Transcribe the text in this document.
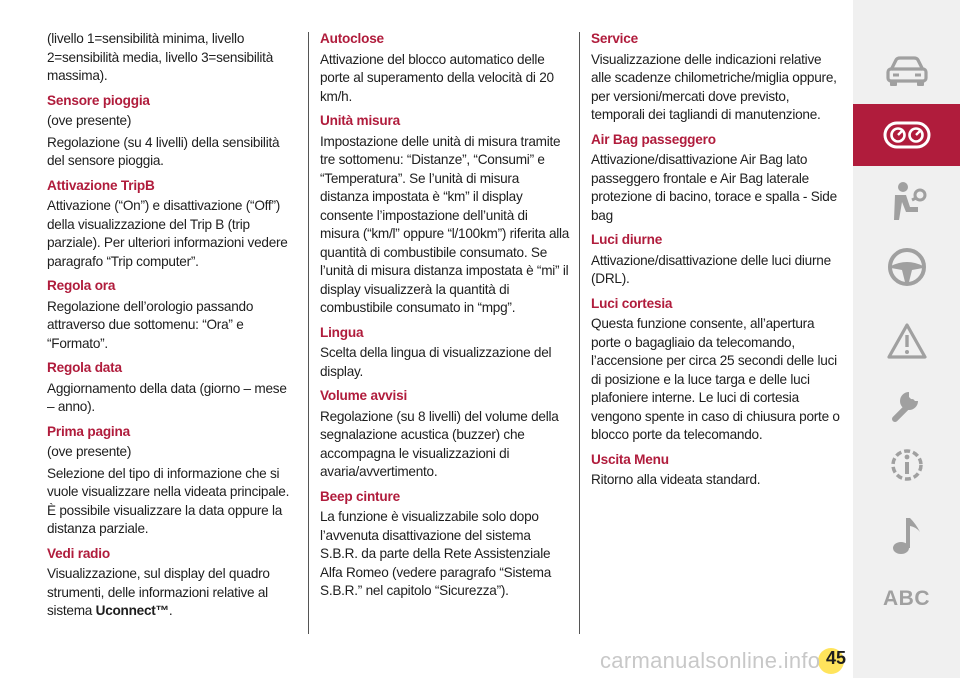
(livello 1=sensibilità minima, livello 2=sensibilità media, livello 3=sensibilità massima).
Sensore pioggia
(ove presente)
Regolazione (su 4 livelli) della sensibilità del sensore pioggia.
Attivazione TripB
Attivazione (“On”) e disattivazione (“Off”) della visualizzazione del Trip B (trip parziale). Per ulteriori informazioni vedere paragrafo “Trip computer”.
Regola ora
Regolazione dell’orologio passando attraverso due sottomenu: “Ora” e “Formato”.
Regola data
Aggiornamento della data (giorno – mese – anno).
Prima pagina
(ove presente)
Selezione del tipo di informazione che si vuole visualizzare nella videata principale. È possibile visualizzare la data oppure la distanza parziale.
Vedi radio
Visualizzazione, sul display del quadro strumenti, delle informazioni relative al sistema Uconnect™.
Autoclose
Attivazione del blocco automatico delle porte al superamento della velocità di 20 km/h.
Unità misura
Impostazione delle unità di misura tramite tre sottomenu: “Distanze”, “Consumi” e “Temperatura”. Se l’unità di misura distanza impostata è “km” il display consente l’impostazione dell’unità di misura (“km/l” oppure “l/100km”) riferita alla quantità di combustibile consumato. Se l’unità di misura distanza impostata è “mi” il display visualizzerà la quantità di combustibile consumato in “mpg”.
Lingua
Scelta della lingua di visualizzazione del display.
Volume avvisi
Regolazione (su 8 livelli) del volume della segnalazione acustica (buzzer) che accompagna le visualizzazioni di avaria/avvertimento.
Beep cinture
La funzione è visualizzabile solo dopo l’avvenuta disattivazione del sistema S.B.R. da parte della Rete Assistenziale Alfa Romeo (vedere paragrafo “Sistema S.B.R.” nel capitolo “Sicurezza”).
Service
Visualizzazione delle indicazioni relative alle scadenze chilometriche/miglia oppure, per versioni/mercati dove previsto, temporali dei tagliandi di manutenzione.
Air Bag passeggero
Attivazione/disattivazione Air Bag lato passeggero frontale e Air Bag laterale protezione di bacino, torace e spalla - Side bag
Luci diurne
Attivazione/disattivazione delle luci diurne (DRL).
Luci cortesia
Questa funzione consente, all’apertura porte o bagagliaio da telecomando, l’accensione per circa 25 secondi delle luci di posizione e la luce targa e delle luci plafoniere interne. Le luci di cortesia vengono spente in caso di chiusura porte o blocco porte da telecomando.
Uscita Menu
Ritorno alla videata standard.
ABC
carmanualsonline.info 45
